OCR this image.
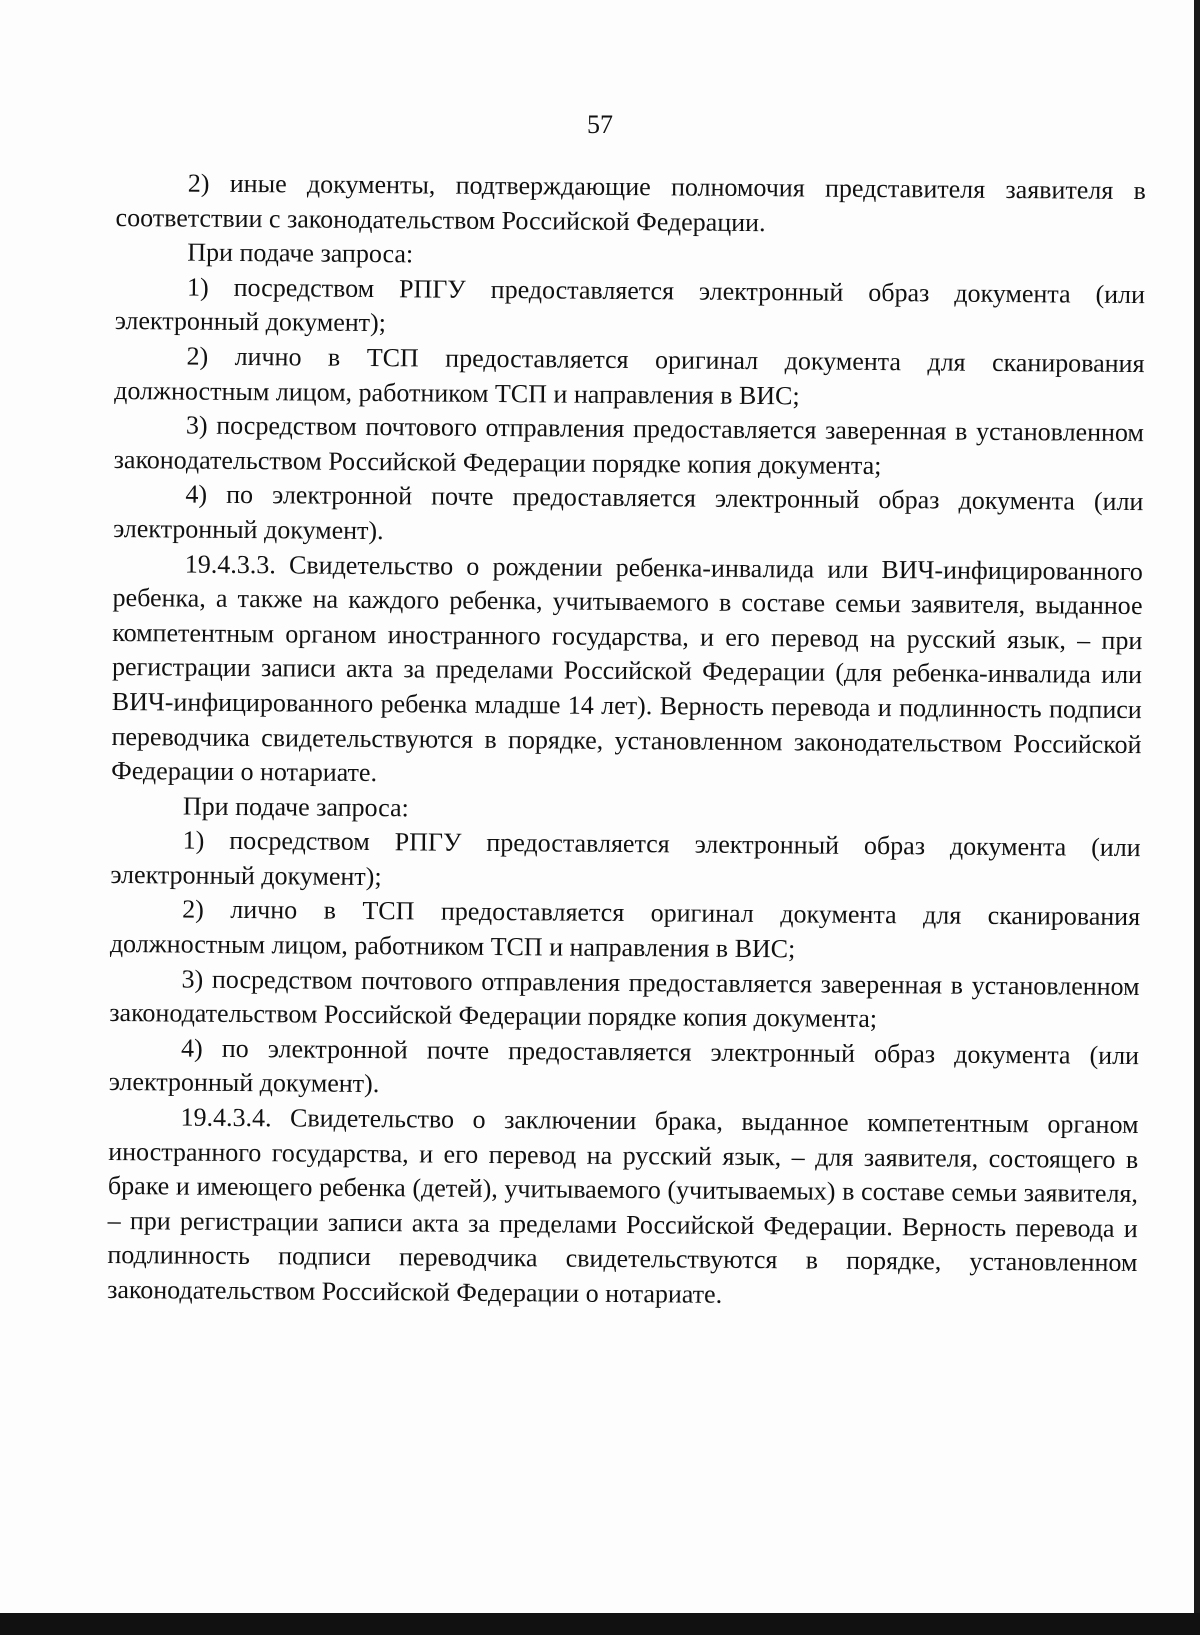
57

2) иные документы, подтверждающие полномочия представителя заявителя в соответствии с законодательством Российской Федерации.

При подаче запроса:

1) посредством РПГУ предоставляется электронный образ документа (или электронный документ);

2) лично в ТСП предоставляется оригинал документа для сканирования должностным лицом, работником ТСП и направления в ВИС;

3) посредством почтового отправления предоставляется заверенная в установленном законодательством Российской Федерации порядке копия документа;

4) по электронной почте предоставляется электронный образ документа (или электронный документ).

19.4.3.3. Свидетельство о рождении ребенка-инвалида или ВИЧ-инфицированного ребенка, а также на каждого ребенка, учитываемого в составе семьи заявителя, выданное компетентным органом иностранного государства, и его перевод на русский язык, – при регистрации записи акта за пределами Российской Федерации (для ребенка-инвалида или ВИЧ-инфицированного ребенка младше 14 лет). Верность перевода и подлинность подписи переводчика свидетельствуются в порядке, установленном законодательством Российской Федерации о нотариате.

При подаче запроса:

1) посредством РПГУ предоставляется электронный образ документа (или электронный документ);

2) лично в ТСП предоставляется оригинал документа для сканирования должностным лицом, работником ТСП и направления в ВИС;

3) посредством почтового отправления предоставляется заверенная в установленном законодательством Российской Федерации порядке копия документа;

4) по электронной почте предоставляется электронный образ документа (или электронный документ).

19.4.3.4. Свидетельство о заключении брака, выданное компетентным органом иностранного государства, и его перевод на русский язык, – для заявителя, состоящего в браке и имеющего ребенка (детей), учитываемого (учитываемых) в составе семьи заявителя, – при регистрации записи акта за пределами Российской Федерации. Верность перевода и подлинность подписи переводчика свидетельствуются в порядке, установленном законодательством Российской Федерации о нотариате.
